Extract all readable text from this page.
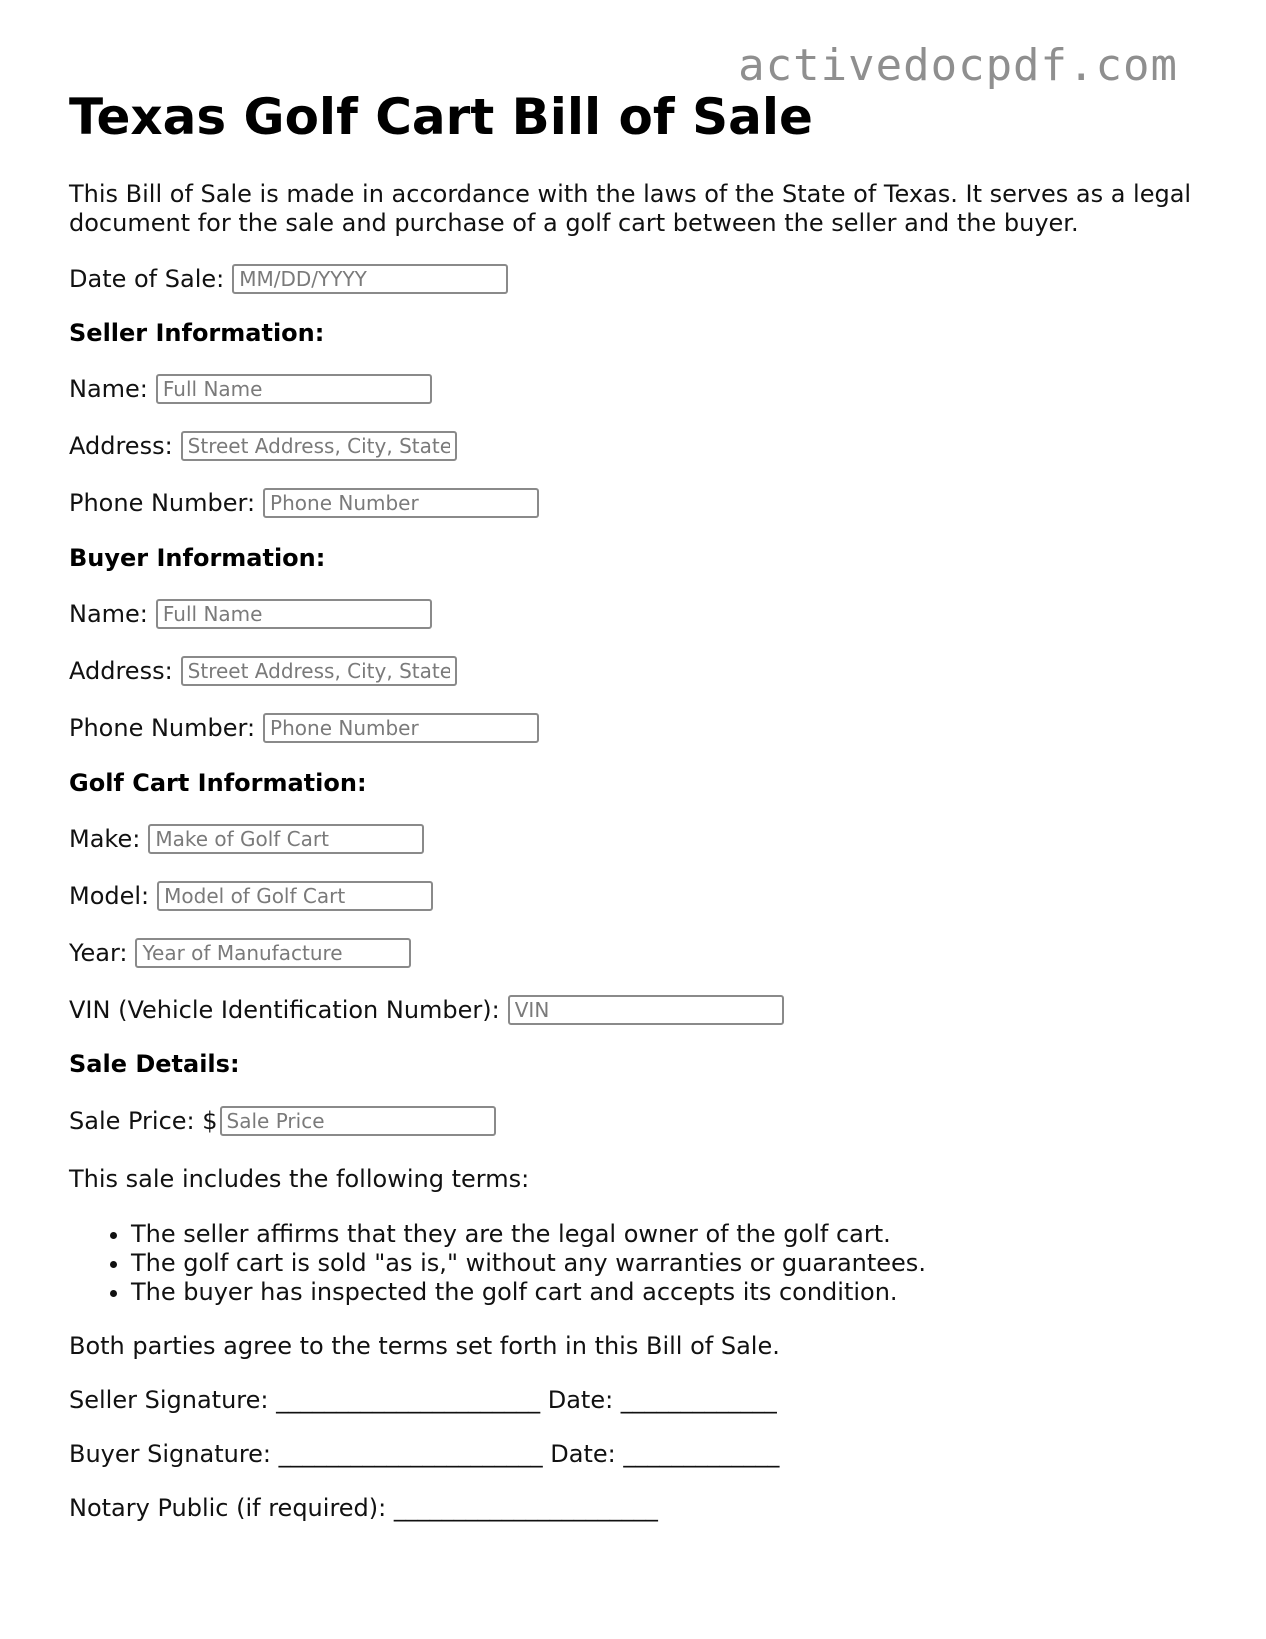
activedocpdf.com
Texas Golf Cart Bill of Sale

This Bill of Sale is made in accordance with the laws of the State of Texas. It serves as a legal document for the sale and purchase of a golf cart between the seller and the buyer.

Date of Sale:
MM/DD/YYYY
Seller Information:
Name:
Full Name
Address:
Street Address, City, State
Phone Number:
Phone Number
Buyer Information:
Name:
Full Name
Address:
Street Address, City, State
Phone Number:
Phone Number
Golf Cart Information:
Make:
Make of Golf Cart
Model:
Model of Golf Cart
Year:
Year of Manufacture
VIN (Vehicle Identification Number):
VIN
Sale Details:
Sale Price: $
Sale Price

This sale includes the following terms:

• The seller affirms that they are the legal owner of the golf cart.
• The golf cart is sold "as is," without any warranties or guarantees.
• The buyer has inspected the golf cart and accepts its condition.

Both parties agree to the terms set forth in this Bill of Sale.

Seller Signature: ______________________ Date: _____________

Buyer Signature: ______________________ Date: _____________

Notary Public (if required): ______________________
